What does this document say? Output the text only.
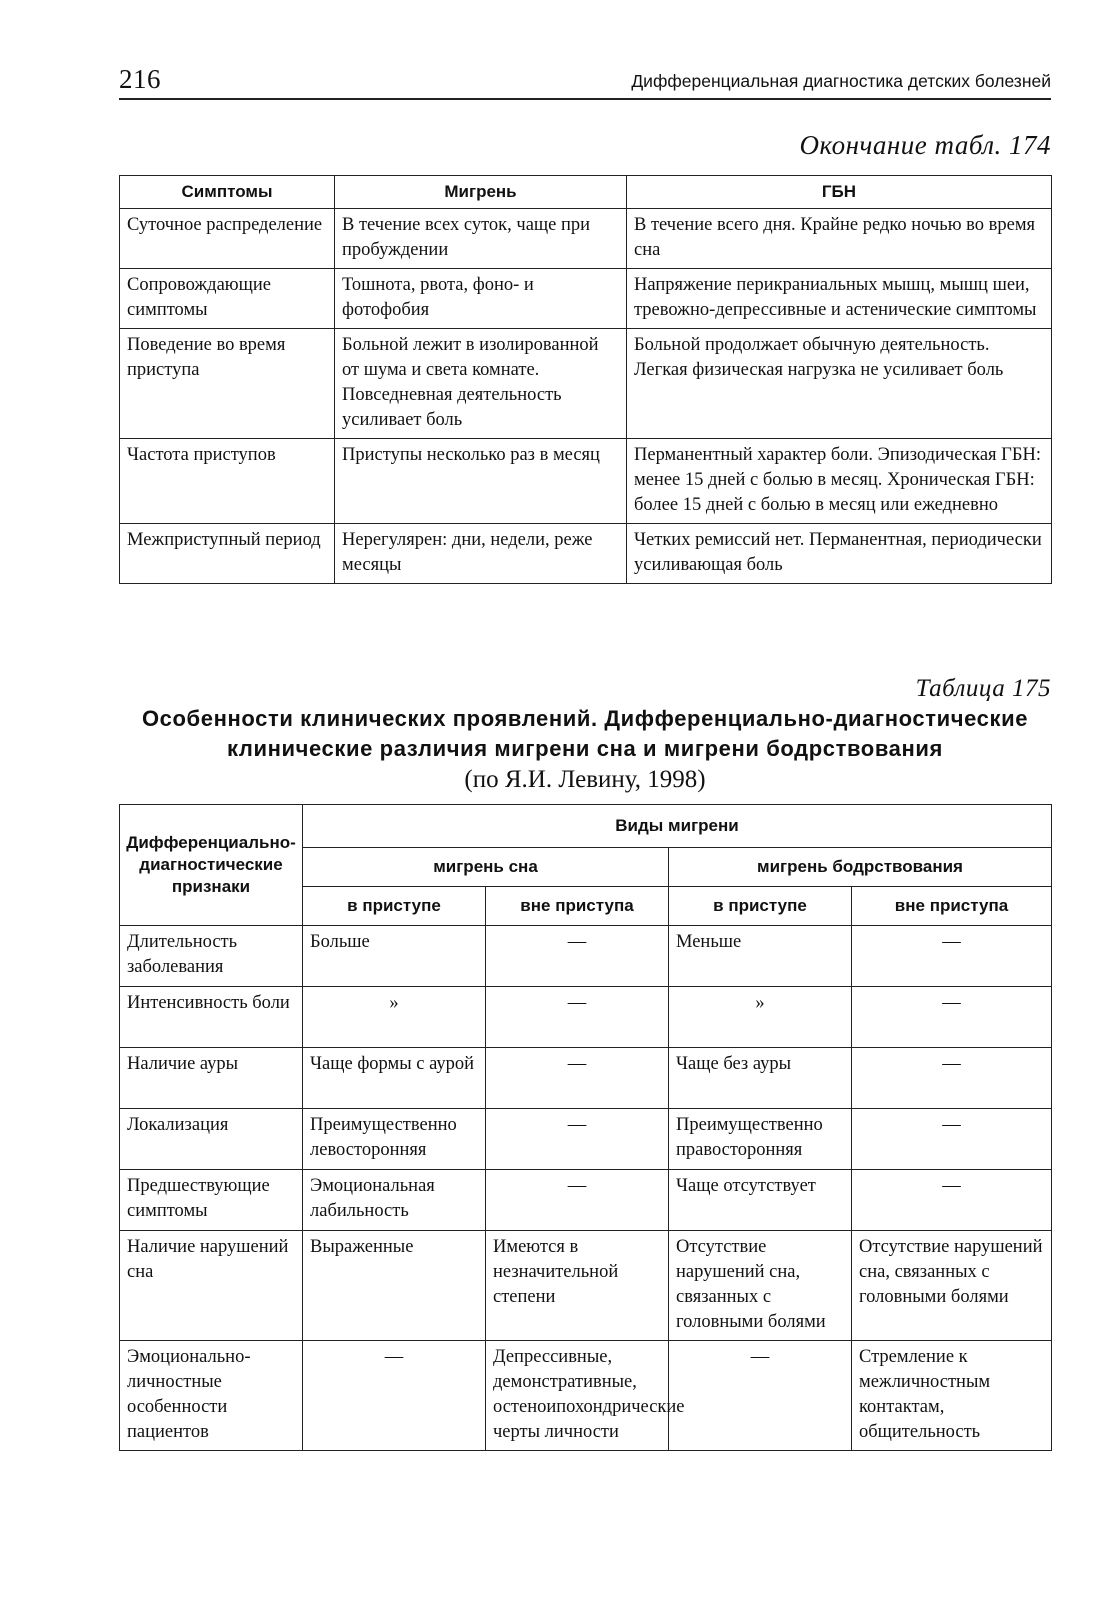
216	Дифференциальная диагностика детских болезней
Окончание табл. 174
Симптомы	Мигрень	ГБН
Суточное распределение	В течение всех суток, чаще при пробуждении	В течение всего дня. Крайне редко ночью во время сна
Сопровождающие симптомы	Тошнота, рвота, фоно- и фотофобия	Напряжение перикраниальных мышц, мышц шеи, тревожно-депрессивные и астенические симптомы
Поведение во время приступа	Больной лежит в изолированной от шума и света комнате. Повседневная деятельность усиливает боль	Больной продолжает обычную деятельность. Легкая физическая нагрузка не усиливает боль
Частота приступов	Приступы несколько раз в месяц	Перманентный характер боли. Эпизодическая ГБН: менее 15 дней с болью в месяц. Хроническая ГБН: более 15 дней с болью в месяц или ежедневно
Межприступный период	Нерегулярен: дни, недели, реже месяцы	Четких ремиссий нет. Перманентная, периодически усиливающая боль
Таблица 175
Особенности клинических проявлений. Дифференциально-диагностические клинические различия мигрени сна и мигрени бодрствования
(по Я.И. Левину, 1998)
Дифференциально-диагностические признаки	Виды мигрени			
	мигрень сна		мигрень бодрствования	
	в приступе	вне приступа	в приступе	вне приступа
Длительность заболевания	Больше	—	Меньше	—
Интенсивность боли	»	—	»	—
Наличие ауры	Чаще формы с аурой	—	Чаще без ауры	—
Локализация	Преимущественно левосторонняя	—	Преимущественно правосторонняя	—
Предшествующие симптомы	Эмоциональная лабильность	—	Чаще отсутствует	—
Наличие нарушений сна	Выраженные	Имеются в незначительной степени	Отсутствие нарушений сна, связанных с головными болями	Отсутствие нарушений сна, связанных с головными болями
Эмоционально-личностные особенности пациентов	—	Депрессивные, демонстративные, остеноипохондрические черты личности	—	Стремление к межличностным контактам, общительность
